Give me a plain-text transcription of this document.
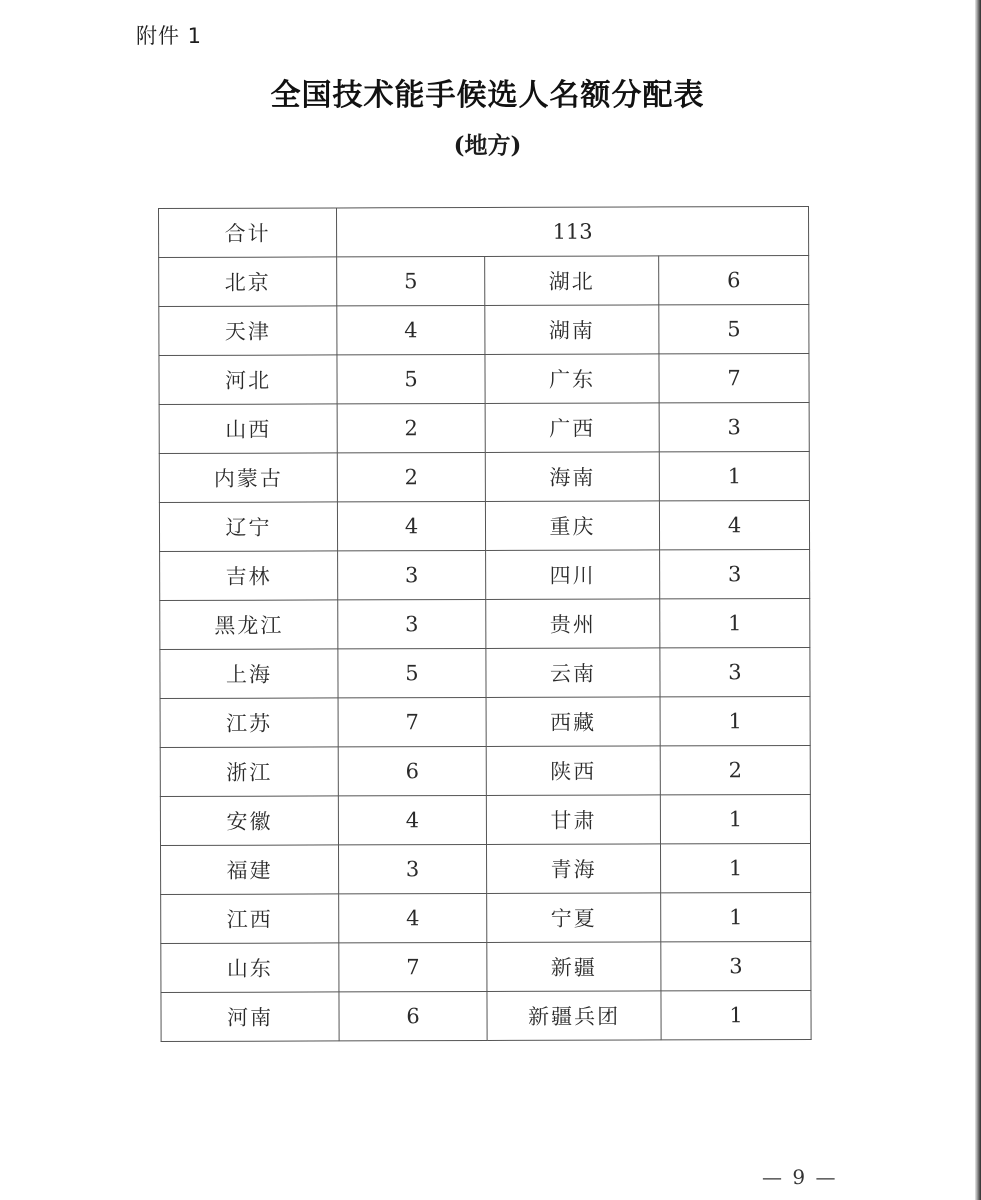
附件 1
全国技术能手候选人名额分配表
(地方)
合计	113		
北京	5	湖北	6
天津	4	湖南	5
河北	5	广东	7
山西	2	广西	3
内蒙古	2	海南	1
辽宁	4	重庆	4
吉林	3	四川	3
黑龙江	3	贵州	1
上海	5	云南	3
江苏	7	西藏	1
浙江	6	陕西	2
安徽	4	甘肃	1
福建	3	青海	1
江西	4	宁夏	1
山东	7	新疆	3
河南	6	新疆兵团	1
— 9 —
